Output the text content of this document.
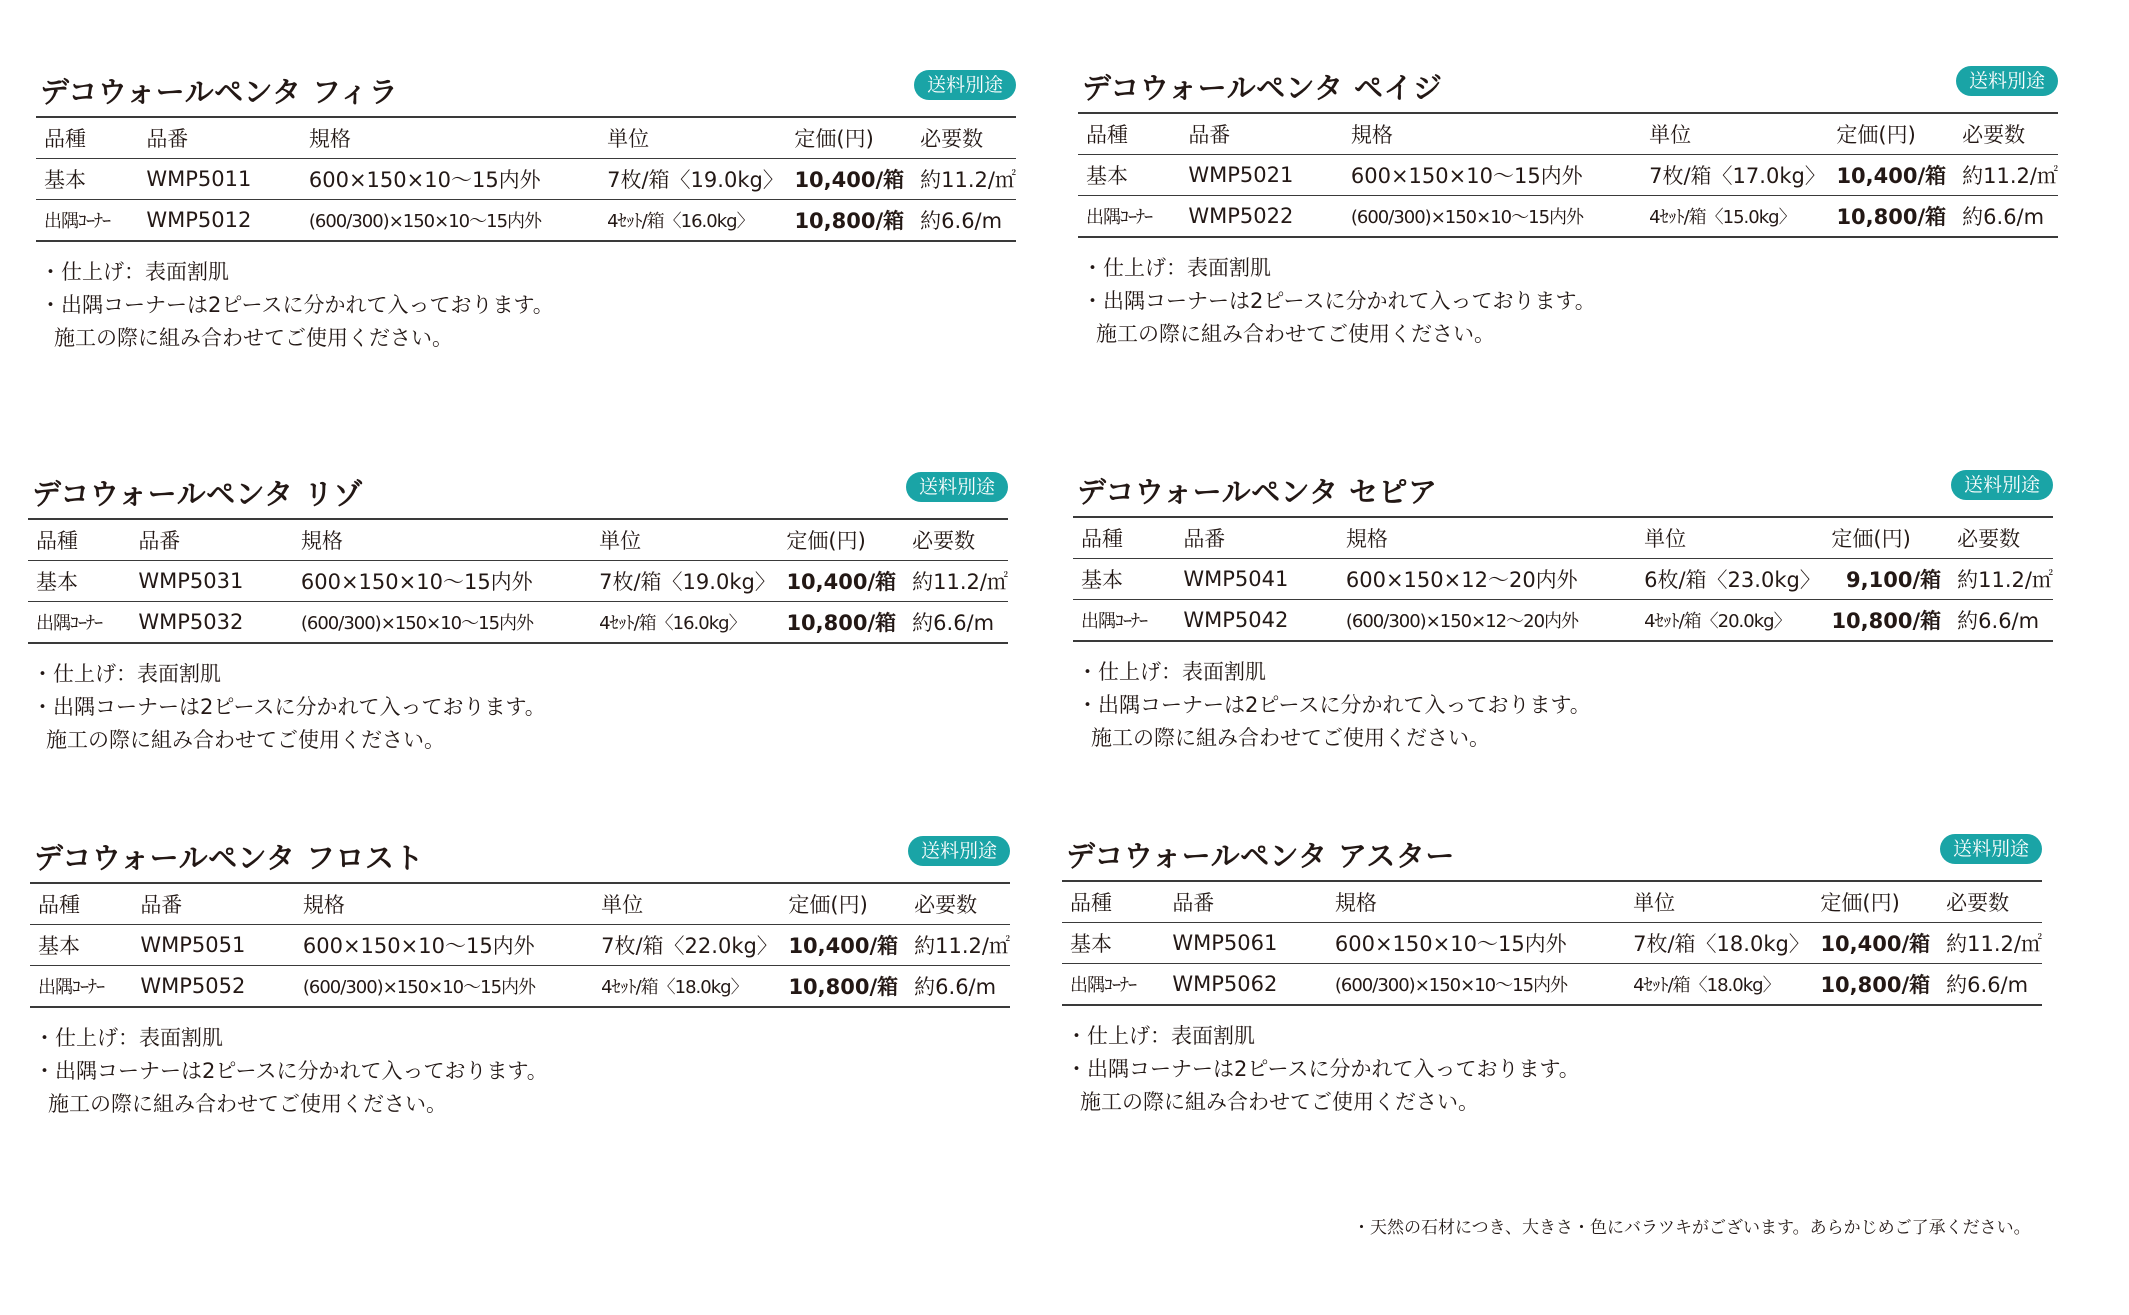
デコウォールペンタ フィラ	送料別途
品種	品番	規格	単位	定価(円)	必要数
基本	WMP5011	600×150×10〜15内外	7枚/箱〈19.0kg〉	10,400/箱	約11.2/㎡
出隅ｺｰﾅｰ	WMP5012	(600/300)×150×10〜15内外	4ｾｯﾄ/箱〈16.0kg〉	10,800/箱	約6.6/m
・仕上げ：表面割肌
・出隅コーナーは2ピースに分かれて入っております。
施工の際に組み合わせてご使用ください。
デコウォールペンタ ペイジ	送料別途
品種	品番	規格	単位	定価(円)	必要数
基本	WMP5021	600×150×10〜15内外	7枚/箱〈17.0kg〉	10,400/箱	約11.2/㎡
出隅ｺｰﾅｰ	WMP5022	(600/300)×150×10〜15内外	4ｾｯﾄ/箱〈15.0kg〉	10,800/箱	約6.6/m
・仕上げ：表面割肌
・出隅コーナーは2ピースに分かれて入っております。
施工の際に組み合わせてご使用ください。
デコウォールペンタ リゾ	送料別途
品種	品番	規格	単位	定価(円)	必要数
基本	WMP5031	600×150×10〜15内外	7枚/箱〈19.0kg〉	10,400/箱	約11.2/㎡
出隅ｺｰﾅｰ	WMP5032	(600/300)×150×10〜15内外	4ｾｯﾄ/箱〈16.0kg〉	10,800/箱	約6.6/m
・仕上げ：表面割肌
・出隅コーナーは2ピースに分かれて入っております。
施工の際に組み合わせてご使用ください。
デコウォールペンタ セピア	送料別途
品種	品番	規格	単位	定価(円)	必要数
基本	WMP5041	600×150×12〜20内外	6枚/箱〈23.0kg〉	9,100/箱	約11.2/㎡
出隅ｺｰﾅｰ	WMP5042	(600/300)×150×12〜20内外	4ｾｯﾄ/箱〈20.0kg〉	10,800/箱	約6.6/m
・仕上げ：表面割肌
・出隅コーナーは2ピースに分かれて入っております。
施工の際に組み合わせてご使用ください。
デコウォールペンタ フロスト	送料別途
品種	品番	規格	単位	定価(円)	必要数
基本	WMP5051	600×150×10〜15内外	7枚/箱〈22.0kg〉	10,400/箱	約11.2/㎡
出隅ｺｰﾅｰ	WMP5052	(600/300)×150×10〜15内外	4ｾｯﾄ/箱〈18.0kg〉	10,800/箱	約6.6/m
・仕上げ：表面割肌
・出隅コーナーは2ピースに分かれて入っております。
施工の際に組み合わせてご使用ください。
デコウォールペンタ アスター	送料別途
品種	品番	規格	単位	定価(円)	必要数
基本	WMP5061	600×150×10〜15内外	7枚/箱〈18.0kg〉	10,400/箱	約11.2/㎡
出隅ｺｰﾅｰ	WMP5062	(600/300)×150×10〜15内外	4ｾｯﾄ/箱〈18.0kg〉	10,800/箱	約6.6/m
・仕上げ：表面割肌
・出隅コーナーは2ピースに分かれて入っております。
施工の際に組み合わせてご使用ください。
・天然の石材につき、大きさ・色にバラツキがございます。あらかじめご了承ください。
